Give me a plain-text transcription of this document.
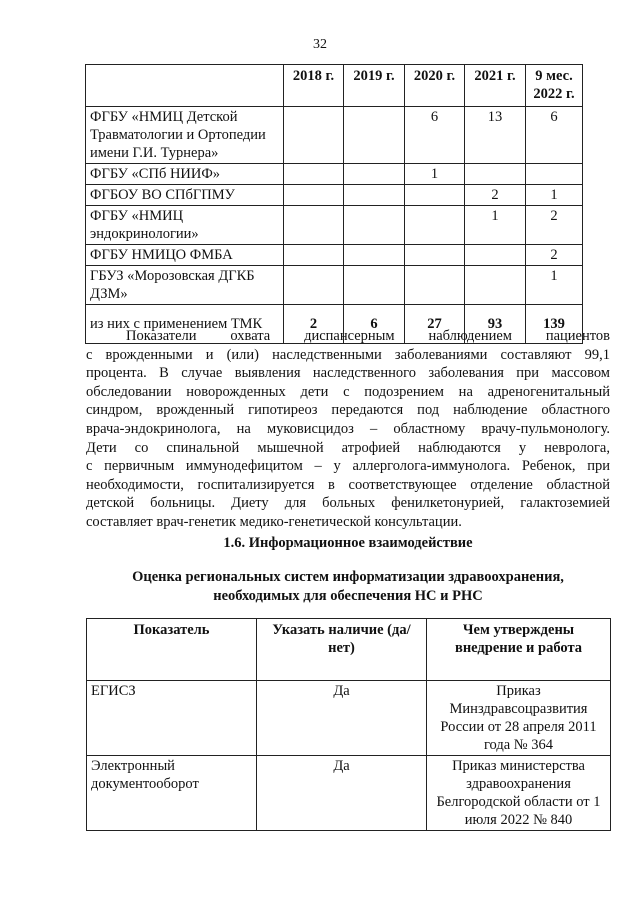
32
	2018 г.	2019 г.	2020 г.	2021 г.	9 мес. 2022 г.
ФГБУ «НМИЦ Детской Травматологии и Ортопедии имени Г.И. Турнера»			6	13	6
ФГБУ «СПб НИИФ»			1		
ФГБОУ ВО СПбГПМУ				2	1
ФГБУ «НМИЦ эндокринологии»				1	2
ФГБУ НМИЦО ФМБА					2
ГБУЗ «Морозовская ДГКБ ДЗМ»					1
из них с применением ТМК	2	6	27	93	139
Показатели охвата диспансерным наблюдением пациентов
с врожденными и (или) наследственными заболеваниями составляют 99,1
процента. В случае выявления наследственного заболевания при массовом
обследовании новорожденных дети с подозрением на адреногенитальный
синдром, врожденный гипотиреоз передаются под наблюдение областного
врача-эндокринолога, на муковисцидоз – областному врачу-пульмонологу.
Дети со спинальной мышечной атрофией наблюдаются у невролога,
с первичным иммунодефицитом – у аллерголога-иммунолога. Ребенок, при
необходимости, госпитализируется в соответствующее отделение областной
детской больницы. Диету для больных фенилкетонурией, галактоземией
составляет врач-генетик медико-генетической консультации.
1.6. Информационное взаимодействие
Оценка региональных систем информатизации здравоохранения,
необходимых для обеспечения НС и РНС
Показатель	Указать наличие (да/нет)	Чем утверждены внедрение и работа
ЕГИСЗ	Да	Приказ Минздравсоцразвития России от 28 апреля 2011 года № 364
Электронный документооборот	Да	Приказ министерства здравоохранения Белгородской области от 1 июля 2022 № 840
